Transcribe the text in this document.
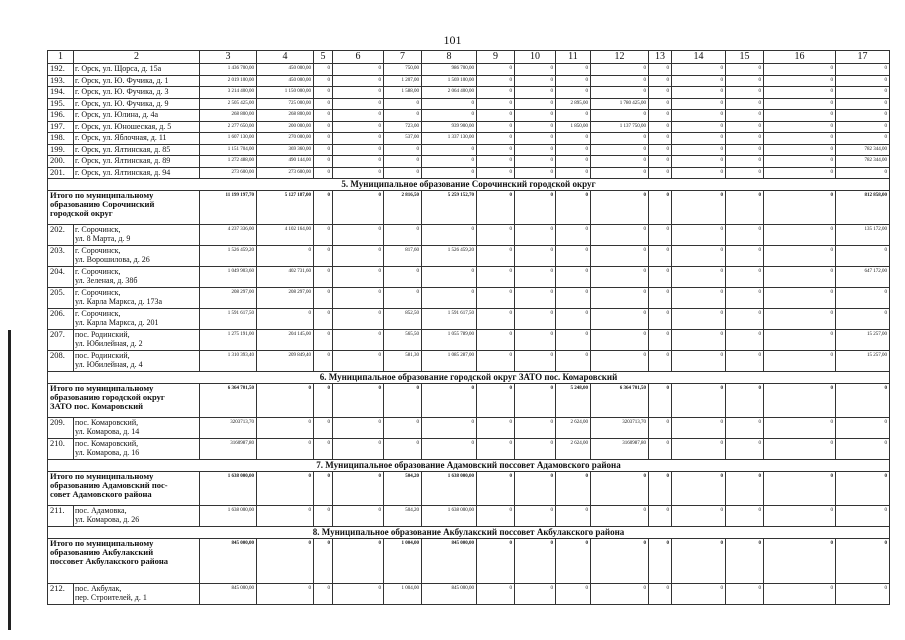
101
1	2	3	4	5	6	7	8	9	10	11	12	13	14	15	16	17
192.	г. Орск, ул. Щорса, д. 15а	1 436 700,00	450 000,00	0	0	750,00	986 700,00	0	0	0	0	0	0	0	0	0
193.	г. Орск, ул. Ю. Фучика, д. 1	2 019 100,00	450 000,00	0	0	1 207,00	1 569 100,00	0	0	0	0	0	0	0	0	0
194.	г. Орск, ул. Ю. Фучика, д. 3	3 214 400,00	1 150 000,00	0	0	1 588,00	2 064 400,00	0	0	0	0	0	0	0	0	0
195.	г. Орск, ул. Ю. Фучика, д. 9	2 505 425,00	725 000,00	0	0	0	0	0	0	2 895,00	1 780 425,00	0	0	0	0	0
196.	г. Орск, ул. Юлина, д. 4а	268 800,00	268 800,00	0	0	0	0	0	0	0	0	0	0	0	0	0
197.	г. Орск, ул. Юношеская, д. 5	2 277 650,00	200 000,00	0	0	723,00	939 900,00	0	0	1 850,00	1 137 750,00	0	0	0	0	0
198.	г. Орск, ул. Яблочная, д. 11	1 607 130,00	270 000,00	0	0	537,00	1 337 130,00	0	0	0	0	0	0	0	0	0
199.	г. Орск, ул. Ялтинская, д. 85	1 151 704,00	369 360,00	0	0	0	0	0	0	0	0	0	0	0	0	782 344,00
200.	г. Орск, ул. Ялтинская, д. 89	1 272 488,00	490 144,00	0	0	0	0	0	0	0	0	0	0	0	0	782 344,00
201.	г. Орск, ул. Ялтинская, д. 94	273 600,00	273 600,00	0	0	0	0	0	0	0	0	0	0	0	0	0
5. Муниципальное образование Сорочинский городской округ																

Итого по муниципальному
образованию Сорочинский
городской округ		11 199 197,70	5 127 187,00	0	0	2 816,50	5 259 152,70	0	0	0	0	0	0	0	0	812 858,00
202.	г. Сорочинск,
ул. 8 Марта, д. 9	4 237 336,00	4 102 164,00	0	0	0	0	0	0	0	0	0	0	0	0	135 172,00
203.	г. Сорочинск,
ул. Ворошилова, д. 26	1 526 459,20	0	0	0	817,60	1 526 459,20	0	0	0	0	0	0	0	0	0
204.	г. Сорочинск,
ул. Зеленая, д. 38б	1 049 903,60	402 731,60	0	0	0	0	0	0	0	0	0	0	0	0	647 172,00
205.	г. Сорочинск,
ул. Карла Маркса, д. 173а	208 297,00	208 297,00	0	0	0	0	0	0	0	0	0	0	0	0	0
206.	г. Сорочинск,
ул. Карла Маркса, д. 201	1 591 617,50	0	0	0	852,50	1 591 617,50	0	0	0	0	0	0	0	0	0
207.	пос. Родинский,
ул. Юбилейная, д. 2	1 275 191,00	204 145,00	0	0	565,50	1 055 789,00	0	0	0	0	0	0	0	0	15 257,00
208.	пос. Родинский,
ул. Юбилейная, д. 4	1 310 393,40	209 849,40	0	0	581,30	1 085 287,00	0	0	0	0	0	0	0	0	15 257,00
6. Муниципальное образование городской округ ЗАТО пос. Комаровский																

Итого по муниципальному
образованию городской округ
ЗАТО пос. Комаровский		6 364 701,50	0	0	0	0	0	0	0	5 248,00	6 364 701,50	0	0	0	0	0
209.	пос. Комаровский,
ул. Комарова, д. 14	3203713,70	0	0	0	0	0	0	0	2 624,00	3203713,70	0	0	0	0	0
210.	пос. Комаровский,
ул. Комарова, д. 16	3160987,80	0	0	0	0	0	0	0	2 624,00	3160987,80	0	0	0	0	0
7. Муниципальное образование Адамовский поссовет Адамовского района																

Итого по муниципальному
образованию Адамовский пос-
совет Адамовского района		1 638 000,00	0	0	0	504,20	1 638 000,00	0	0	0	0	0	0	0	0	0
211.	пос. Адамовка,
ул. Комарова, д. 26	1 638 000,00	0	0	0	504,20	1 638 000,00	0	0	0	0	0	0	0	0	0
8. Муниципальное образование Акбулакский поссовет Акбулакского района																

Итого по муниципальному
образованию Акбулакский
поссовет Акбулакского района		845 000,00	0	0	0	1 004,00	845 000,00	0	0	0	0	0	0	0	0	0
212.	пос. Акбулак,
пер. Строителей, д. 1	845 000,00	0	0	0	1 004,00	845 000,00	0	0	0	0	0	0	0	0	0
